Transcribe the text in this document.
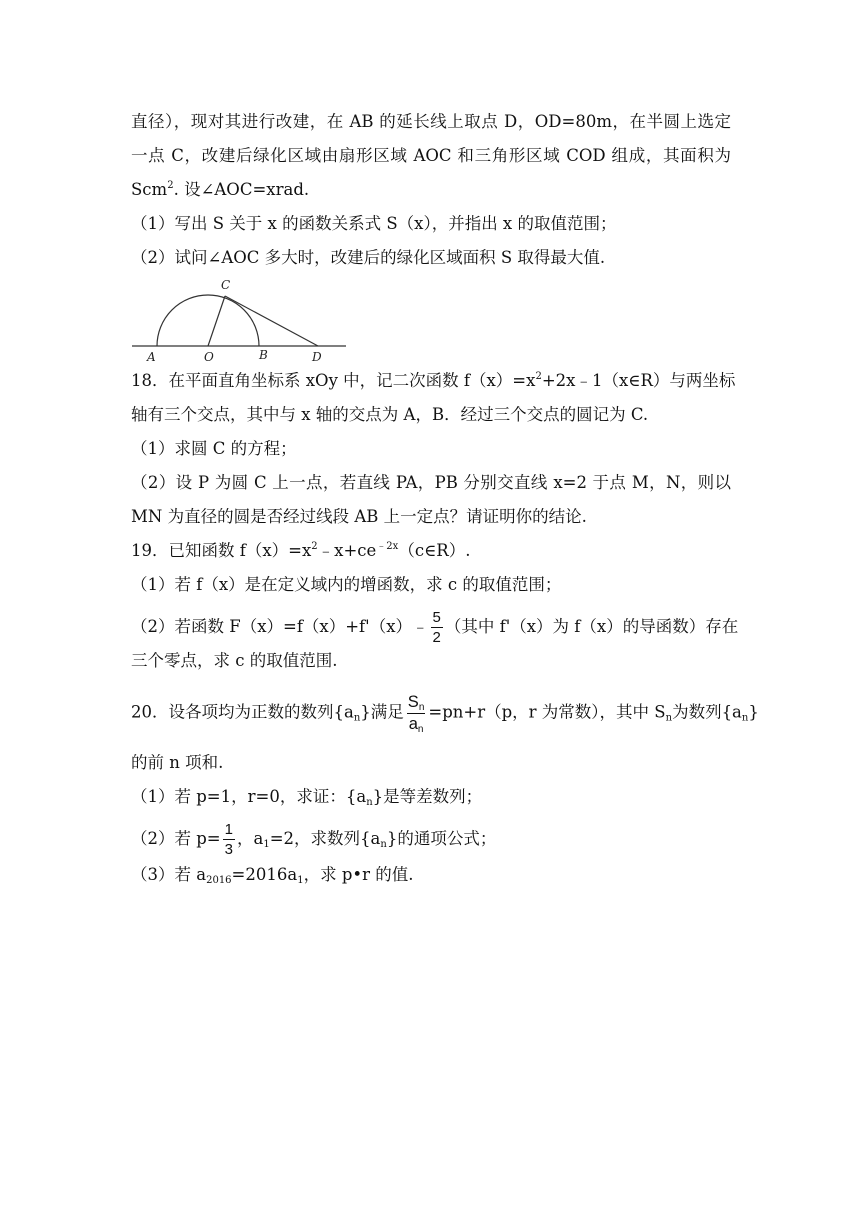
直径），现对其进行改建，在 AB 的延长线上取点 D，OD=80m，在半圆上选定
一点 C，改建后绿化区域由扇形区域 AOC 和三角形区域 COD 组成，其面积为
Scm$^2$. 设∠AOC=xrad.
（1）写出 S 关于 x 的函数关系式 S（x），并指出 x 的取值范围；
（2）试问∠AOC 多大时，改建后的绿化区域面积 S 取得最大值.
A	O	B
C
D
18．在平面直角坐标系 xOy 中，记二次函数 $f(x)=x^2+2x﹣1(x\in R)$与两坐标
轴有三个交点，其中与 x 轴的交点为 A，B．经过三个交点的圆记为 C.
（1）求圆 C 的方程；
（2）设 P 为圆 C 上一点，若直线 PA，PB 分别交直线 x=2 于点 M，N，则以
MN 为直径的圆是否经过线段 AB 上一定点？请证明你的结论.
19．已知函数 $f(x)=x^2﹣x+ce^{﹣2x}(c\in R)$.
（1）若 f（x）是在定义域内的增函数，求 c 的取值范围；
（2）若函数 F（x）=f（x）+f'（x）﹣ $\frac{5}{2}$ （其中 f'（x）为 f（x）的导函数）存在
三个零点，求 c 的取值范围.
20．设各项均为正数的数列$\{a_n\}$满足 $\frac{S_n}{a_n} =pn+r(p$，r 为常数），其中 $S_n$为数列$\{a_n\}$
的前 n 项和.
（1）若 p=1，r=0，求证：$\{a_n\}$是等差数列；
（2）若 $p= \frac{1}{3}$ ，$a_1=2$，求数列$\{a_n\}$的通项公式；
（3）若 $a_{2016}=2016a_1$，求 p•r 的值.
